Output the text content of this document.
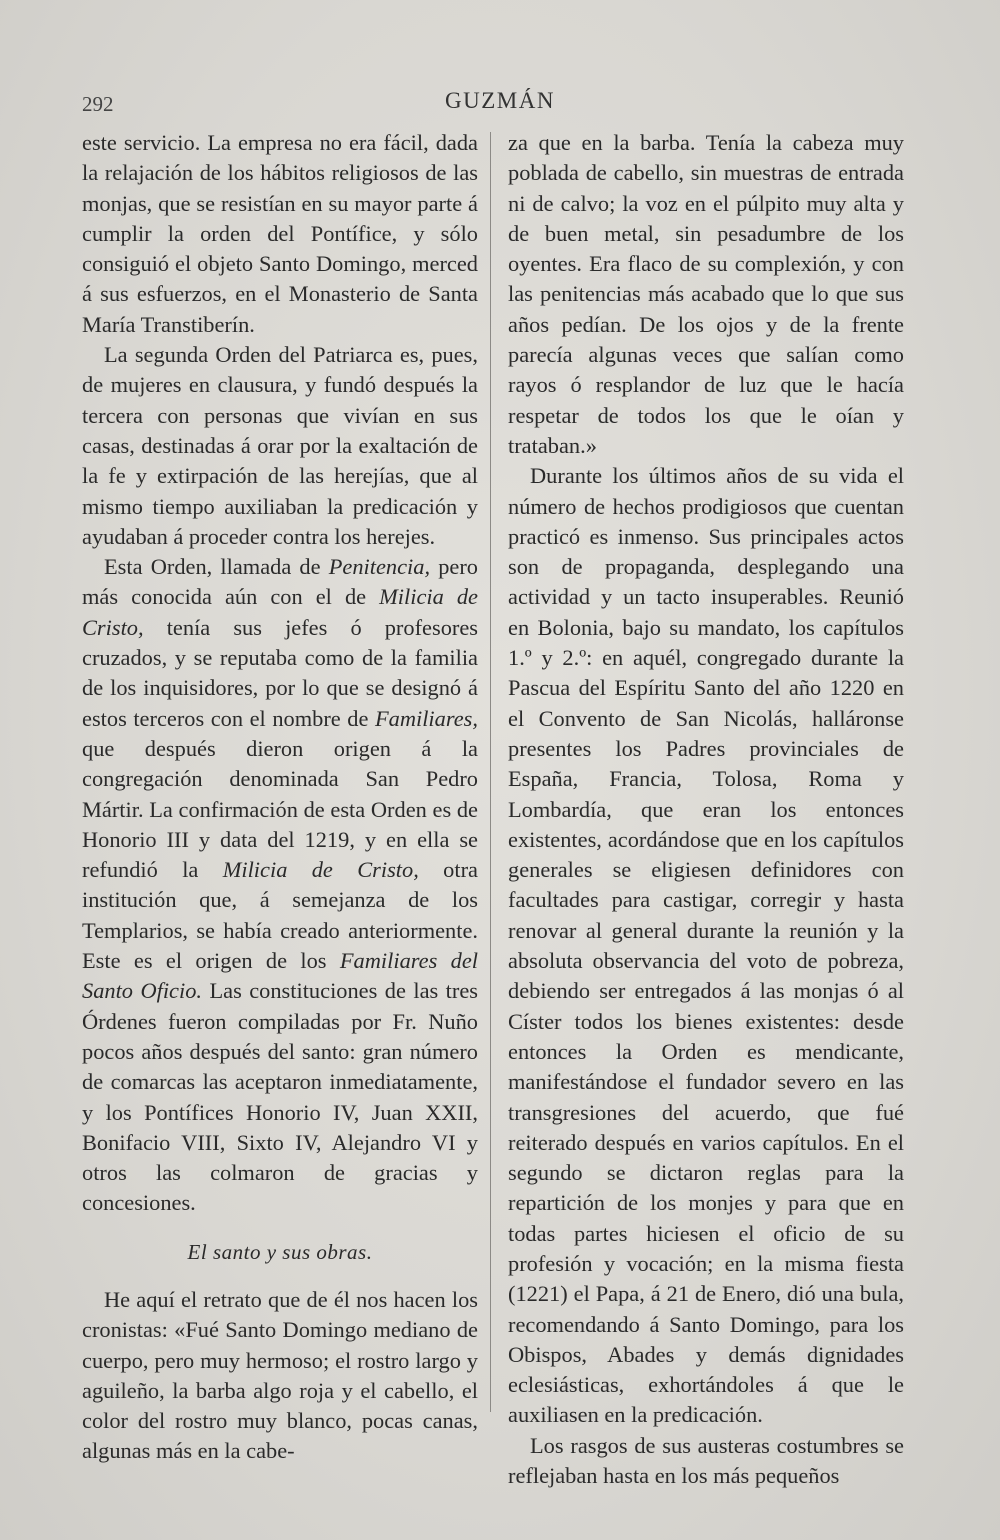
292	GUZMÁN

este servicio. La empresa no era fácil, dada la relajación de los hábitos religiosos de las monjas, que se resistían en su mayor parte á cumplir la orden del Pontífice, y sólo consiguió el objeto Santo Domingo, merced á sus esfuerzos, en el Monasterio de Santa María Transtiberín.

La segunda Orden del Patriarca es, pues, de mujeres en clausura, y fundó después la tercera con personas que vivían en sus casas, destinadas á orar por la exaltación de la fe y extirpación de las herejías, que al mismo tiempo auxiliaban la predicación y ayudaban á proceder contra los herejes.

Esta Orden, llamada de Penitencia, pero más conocida aún con el de Milicia de Cristo, tenía sus jefes ó profesores cruzados, y se reputaba como de la familia de los inquisidores, por lo que se designó á estos terceros con el nombre de Familiares, que después dieron origen á la congregación denominada San Pedro Mártir. La confirmación de esta Orden es de Honorio III y data del 1219, y en ella se refundió la Milicia de Cristo, otra institución que, á semejanza de los Templarios, se había creado anteriormente. Este es el origen de los Familiares del Santo Oficio. Las constituciones de las tres Órdenes fueron compiladas por Fr. Nuño pocos años después del santo: gran número de comarcas las aceptaron inmediatamente, y los Pontífices Honorio IV, Juan XXII, Bonifacio VIII, Sixto IV, Alejandro VI y otros las colmaron de gracias y concesiones.

El santo y sus obras.

He aquí el retrato que de él nos hacen los cronistas: «Fué Santo Domingo mediano de cuerpo, pero muy hermoso; el rostro largo y aguileño, la barba algo roja y el cabello, el color del rostro muy blanco, pocas canas, algunas más en la cabe-

za que en la barba. Tenía la cabeza muy poblada de cabello, sin muestras de entrada ni de calvo; la voz en el púlpito muy alta y de buen metal, sin pesadumbre de los oyentes. Era flaco de su complexión, y con las penitencias más acabado que lo que sus años pedían. De los ojos y de la frente parecía algunas veces que salían como rayos ó resplandor de luz que le hacía respetar de todos los que le oían y trataban.»

Durante los últimos años de su vida el número de hechos prodigiosos que cuentan practicó es inmenso. Sus principales actos son de propaganda, desplegando una actividad y un tacto insuperables. Reunió en Bolonia, bajo su mandato, los capítulos 1.º y 2.º: en aquél, congregado durante la Pascua del Espíritu Santo del año 1220 en el Convento de San Nicolás, halláronse presentes los Padres provinciales de España, Francia, Tolosa, Roma y Lombardía, que eran los entonces existentes, acordándose que en los capítulos generales se eligiesen definidores con facultades para castigar, corregir y hasta renovar al general durante la reunión y la absoluta observancia del voto de pobreza, debiendo ser entregados á las monjas ó al Císter todos los bienes existentes: desde entonces la Orden es mendicante, manifestándose el fundador severo en las transgresiones del acuerdo, que fué reiterado después en varios capítulos. En el segundo se dictaron reglas para la repartición de los monjes y para que en todas partes hiciesen el oficio de su profesión y vocación; en la misma fiesta (1221) el Papa, á 21 de Enero, dió una bula, recomendando á Santo Domingo, para los Obispos, Abades y demás dignidades eclesiásticas, exhortándoles á que le auxiliasen en la predicación.

Los rasgos de sus austeras costumbres se reflejaban hasta en los más pequeños
